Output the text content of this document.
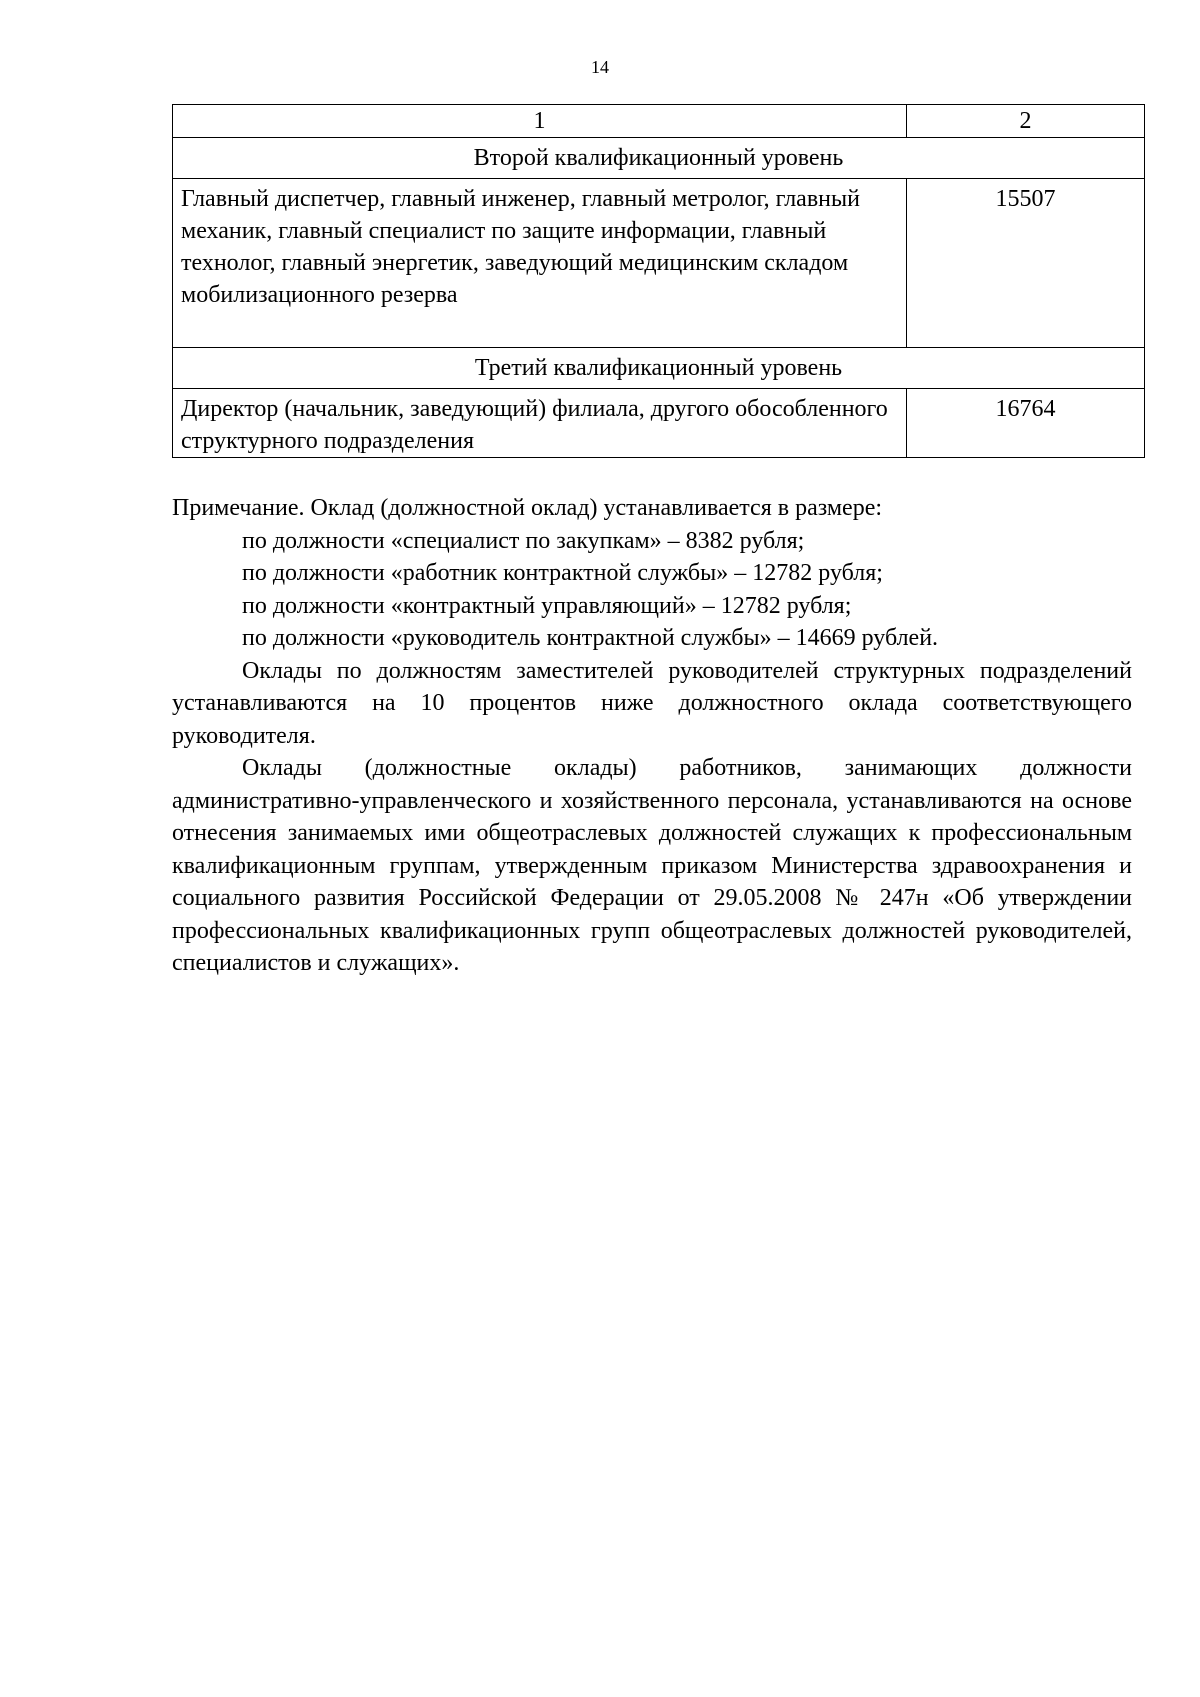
14
1	2
Второй квалификационный уровень	
Главный диспетчер, главный инженер, главный метролог, главный механик, главный специалист по защите информации, главный технолог, главный энергетик, заведующий медицинским складом мобилизационного резерва	15507
Третий квалификационный уровень	
Директор (начальник, заведующий) филиала, другого обособленного структурного подразделения	16764

Примечание. Оклад (должностной оклад) устанавливается в размере:

по должности «специалист по закупкам» – 8382 рубля;

по должности «работник контрактной службы» – 12782 рубля;

по должности «контрактный управляющий» – 12782 рубля;

по должности «руководитель контрактной службы» – 14669 рублей.

Оклады по должностям заместителей руководителей структурных подразделений устанавливаются на 10 процентов ниже должностного оклада соответствующего руководителя.

Оклады (должностные оклады) работников, занимающих должности административно-управленческого и хозяйственного персонала, устанавливаются на основе отнесения занимаемых ими общеотраслевых должностей служащих к профессиональным квалификационным группам, утвержденным приказом Министерства здравоохранения и социального развития Российской Федерации от 29.05.2008 № 247н «Об утверждении профессиональных квалификационных групп общеотраслевых должностей руководителей, специалистов и служащих».
